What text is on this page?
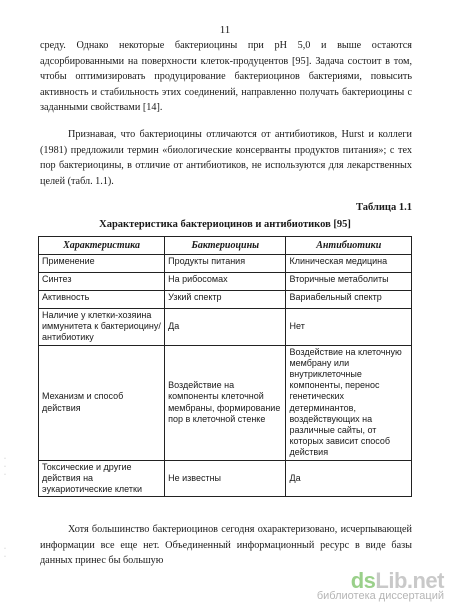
11

среду. Однако некоторые бактериоцины при pH 5,0 и выше остаются адсорбированными на поверхности клеток-продуцентов [95]. Задача состоит в том, чтобы оптимизировать продуцирование бактериоцинов бактериями, повысить активность и стабильность этих соединений, направленно получать бактериоцины с заданными свойствами [14].

Признавая, что бактериоцины отличаются от антибиотиков, Hurst и коллеги (1981) предложили термин «биологические консерванты продуктов питания»; с тех пор бактериоцины, в отличие от антибиотиков, не используются для лекарственных целей (табл. 1.1).

Таблица 1.1
Характеристика бактериоцинов и антибиотиков [95]
Характеристика	Бактериоцины	Антибиотики
Применение	Продукты питания	Клиническая медицина
Синтез	На рибосомах	Вторичные метаболиты
Активность	Узкий спектр	Вариабельный спектр
Наличие у клетки-хозяина иммунитета к бактериоцину/антибиотику	Да	Нет
Механизм и способ действия	Воздействие на компоненты клеточной мембраны, формирование пор в клеточной стенке	Воздействие на клеточную мембрану или внутриклеточные компоненты, перенос генетических детерминантов, воздействующих на различные сайты, от которых зависит способ действия
Токсические и другие действия на эукариотические клетки	Не известны	Да

Хотя большинство бактериоцинов сегодня охарактеризовано, исчерпывающей информации все еще нет. Объединенный информационный ресурс в виде базы данных принес бы большую

·
·
·
·
·
dsLib.net
библиотека диссертаций
